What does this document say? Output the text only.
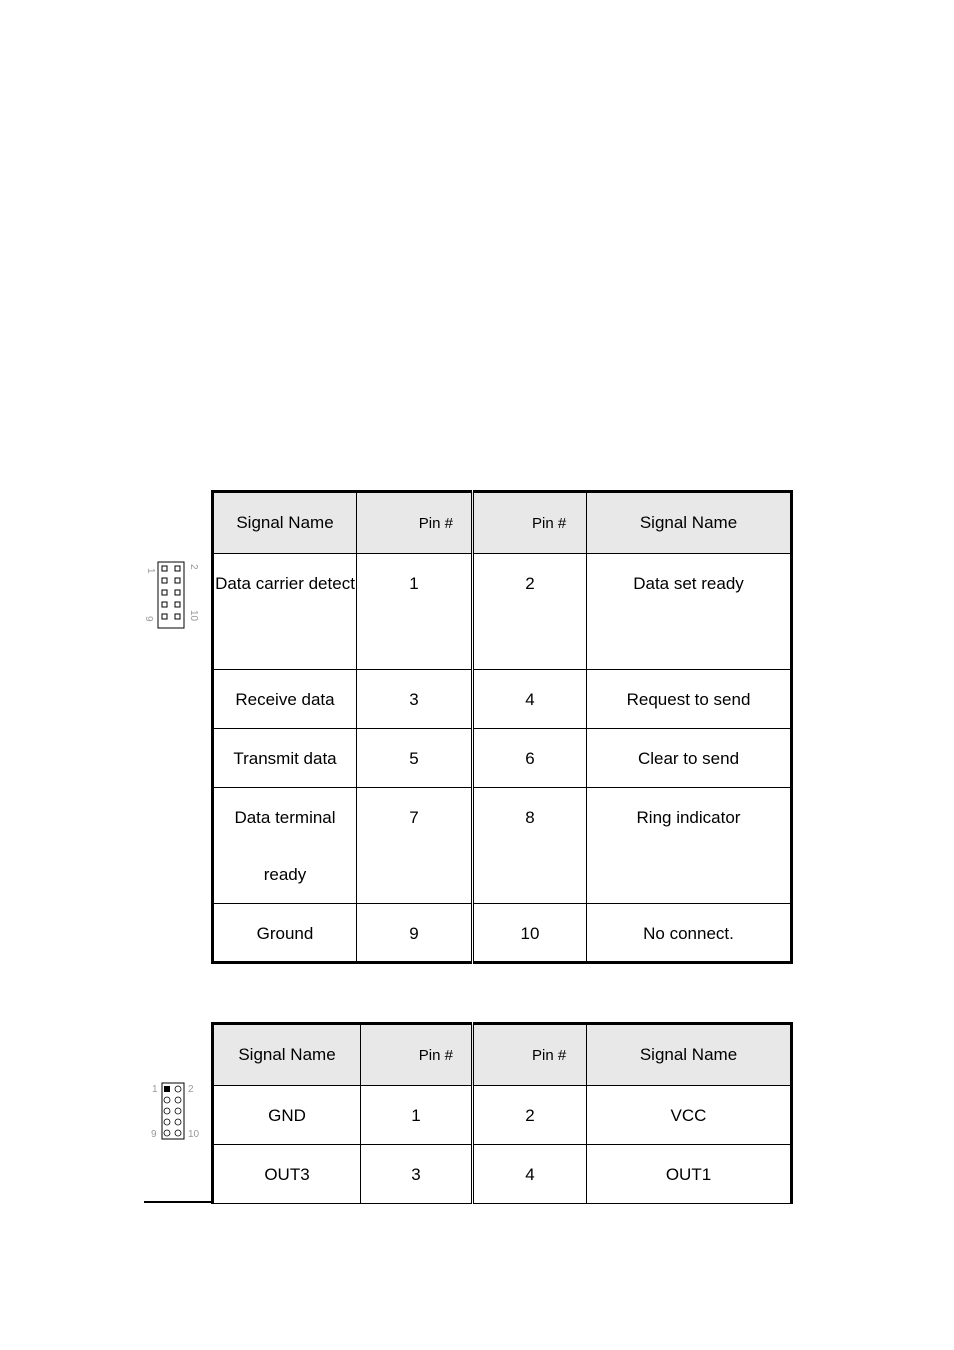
1
2
9	10
Signal Name	Pin #	Pin #	Signal Name
Data carrier detect	1	2	Data set ready
Receive data	3	4	Request to send
Transmit data	5	6	Clear to send
Data terminal ready	7	8	Ring indicator
Ground	9	10	No connect.
1	2
9	10
Signal Name	Pin #	Pin #	Signal Name
GND	1	2	VCC
OUT3	3	4	OUT1
